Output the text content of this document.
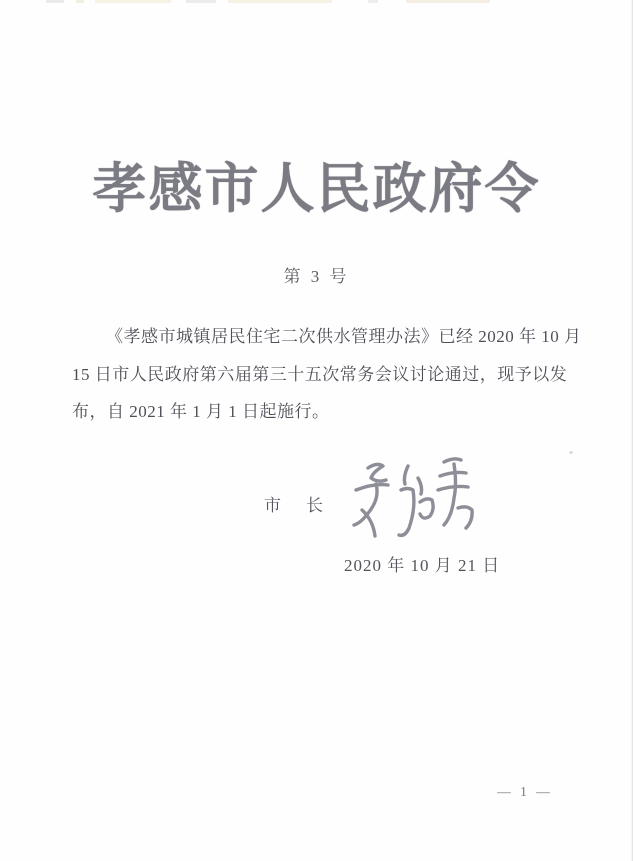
孝感市人民政府令
第 3 号
《孝感市城镇居民住宅二次供水管理办法》已经 2020 年 10 月
15 日市人民政府第六届第三十五次常务会议讨论通过，现予以发
布，自 2021 年 1 月 1 日起施行。
市　长
2020 年 10 月 21 日
— 1 —
